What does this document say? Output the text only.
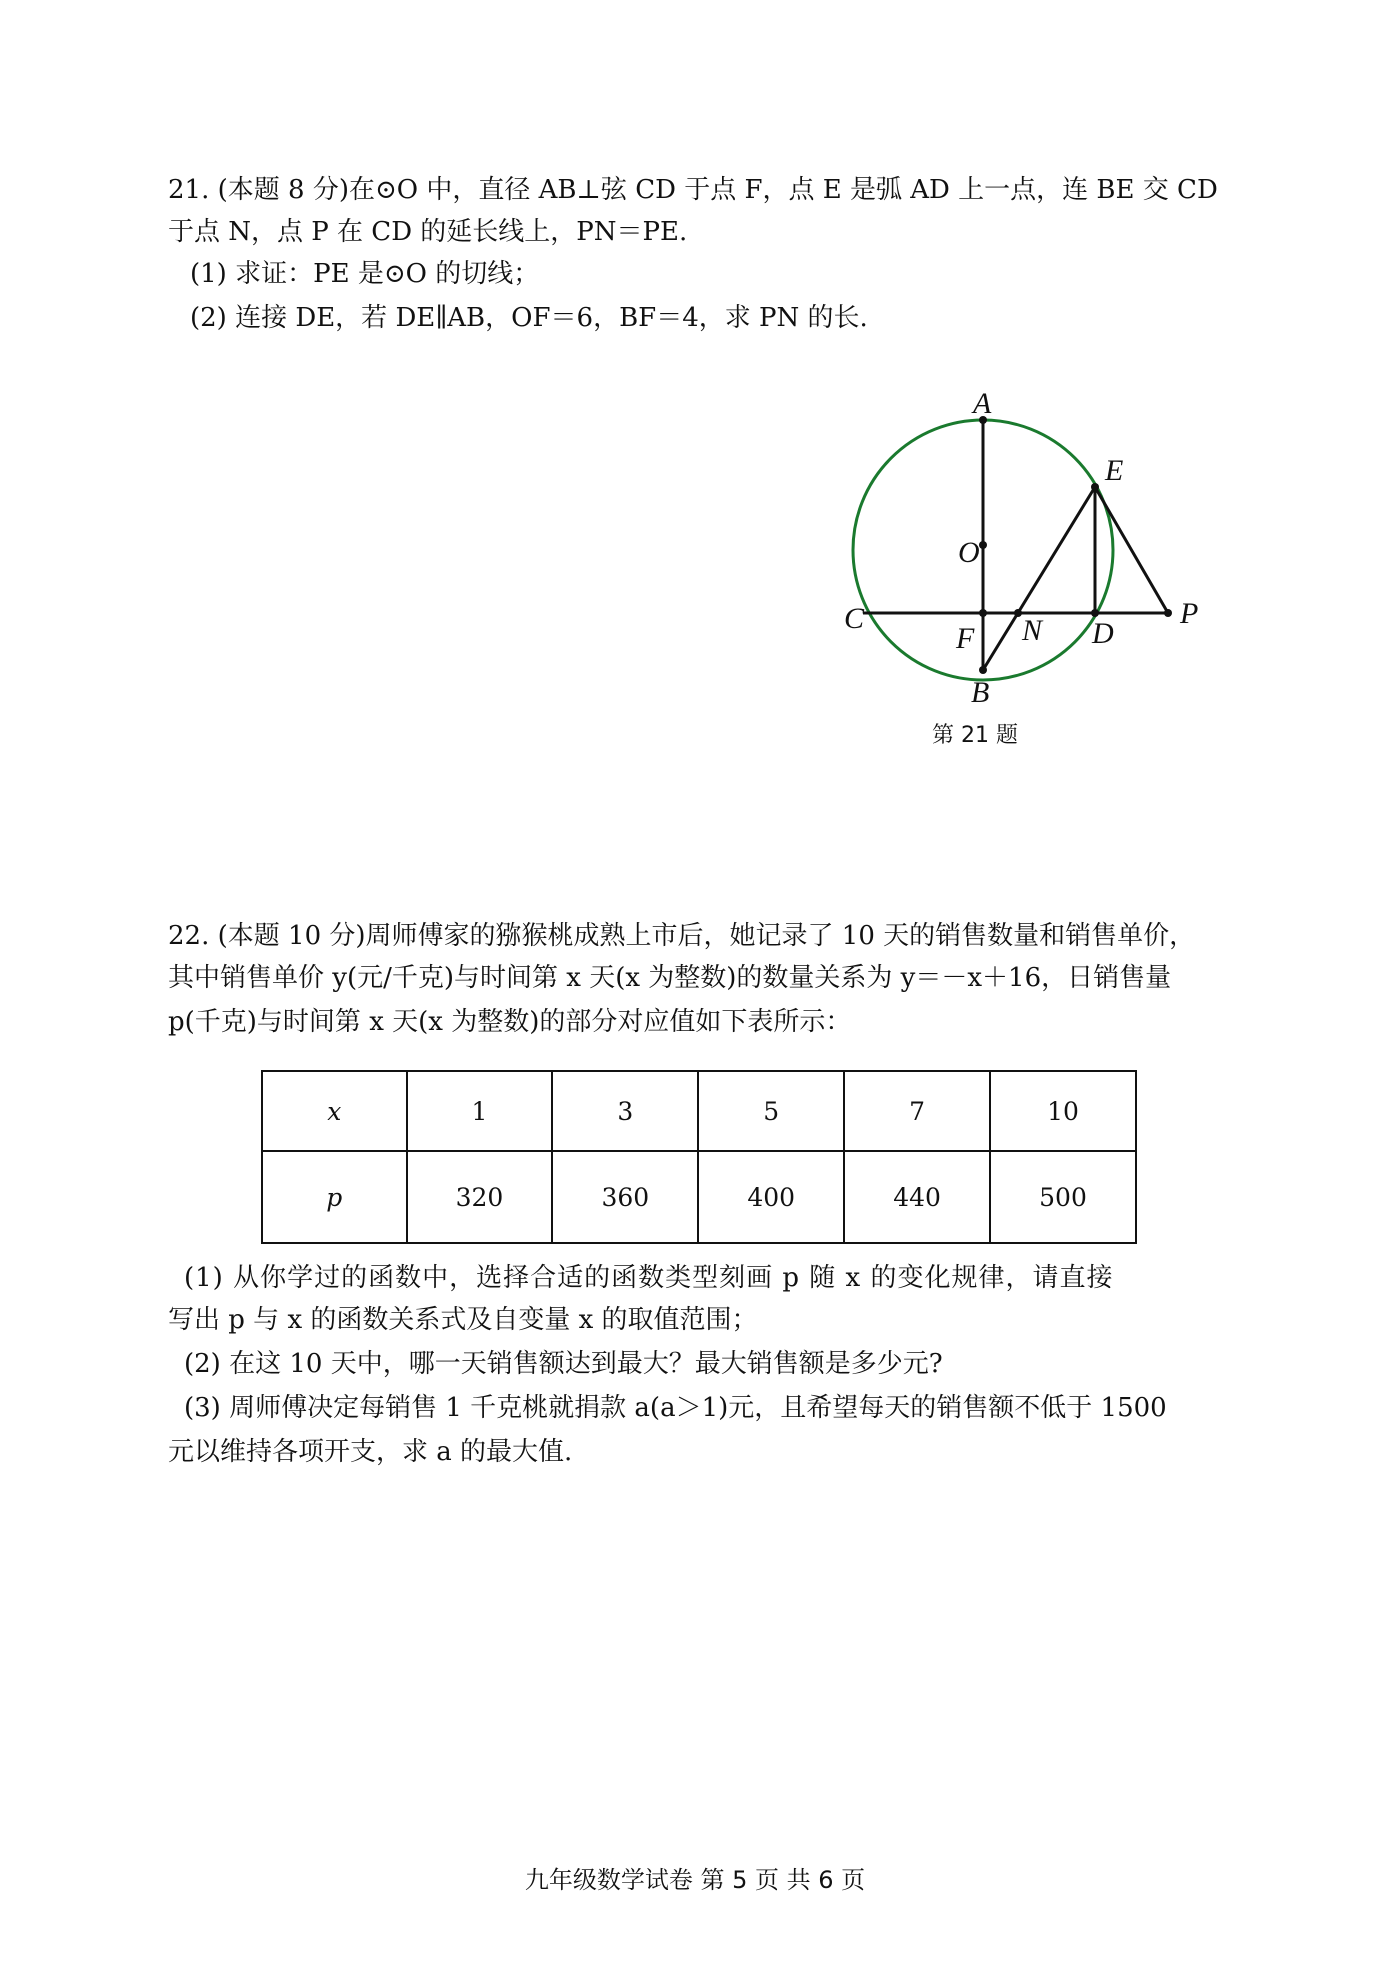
21. (本题 8 分)在⊙O 中，直径 AB⊥弦 CD 于点 F，点 E 是弧 AD 上一点，连 BE 交 CD
于点 N，点 P 在 CD 的延长线上，PN＝PE.
(1) 求证：PE 是⊙O 的切线；
(2) 连接 DE，若 DE∥AB，OF＝6，BF＝4，求 PN 的长.
A
E
O
C
F N D
P
B
第 21 题
22. (本题 10 分)周师傅家的猕猴桃成熟上市后，她记录了 10 天的销售数量和销售单价，
其中销售单价 y(元/千克)与时间第 x 天(x 为整数)的数量关系为 y＝－x＋16，日销售量
p(千克)与时间第 x 天(x 为整数)的部分对应值如下表所示：
x	1	3	5	7	10
p	320	360	400	440	500
(1) 从你学过的函数中，选择合适的函数类型刻画 p 随 x 的变化规律，请直接
写出 p 与 x 的函数关系式及自变量 x 的取值范围；
(2) 在这 10 天中，哪一天销售额达到最大？最大销售额是多少元?
(3) 周师傅决定每销售 1 千克桃就捐款 a(a＞1)元，且希望每天的销售额不低于 1500
元以维持各项开支，求 a 的最大值.
九年级数学试卷 第 5 页 共 6 页
